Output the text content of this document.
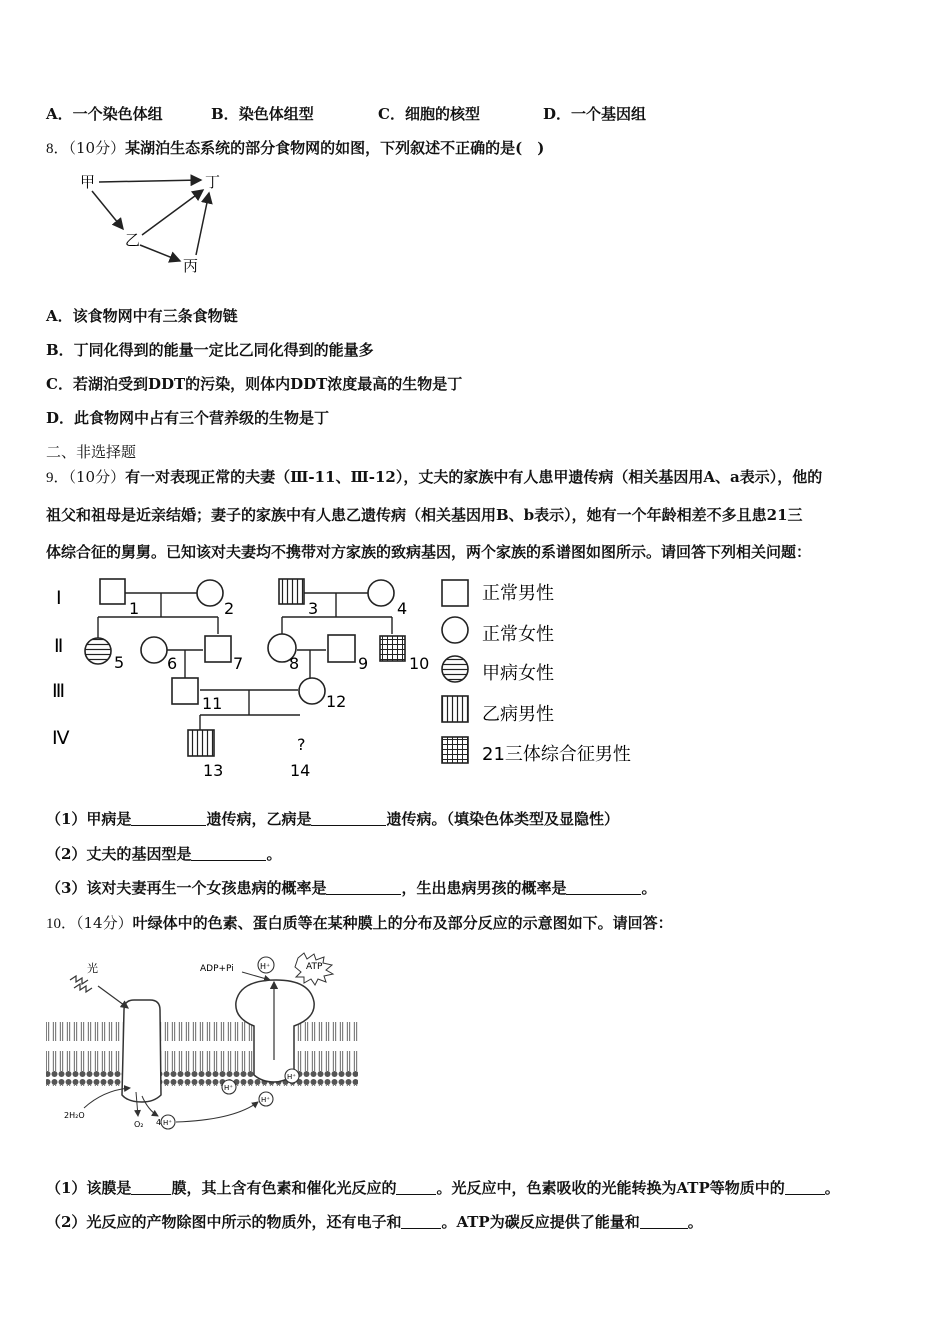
A．一个染色体组	B．染色体组型	C．细胞的核型	D．一个基因组
8．（10分）某湖泊生态系统的部分食物网的如图，下列叙述不正确的是(　)
甲	丁
乙
丙
A．该食物网中有三条食物链
B．丁同化得到的能量一定比乙同化得到的能量多
C．若湖泊受到DDT的污染，则体内DDT浓度最高的生物是丁
D．此食物网中占有三个营养级的生物是丁
二、非选择题
9．（10分）有一对表现正常的夫妻（Ⅲ-11、Ⅲ-12），丈夫的家族中有人患甲遗传病（相关基因用A、a表示），他的
祖父和祖母是近亲结婚；妻子的家族中有人患乙遗传病（相关基因用B、b表示），她有一个年龄相差不多且患21三
体综合征的舅舅。已知该对夫妻均不携带对方家族的致病基因，两个家族的系谱图如图所示。请回答下列相关问题：
Ⅰ
Ⅱ
Ⅲ
Ⅳ
1	2	3	4
5	6	7	8	9	10
11	12
13	14
?
正常男性
正常女性
甲病女性
乙病男性
21三体综合征男性
（1）甲病是	遗传病，乙病是	遗传病。（填染色体类型及显隐性）
（2）丈夫的基因型是	。
（3）该对夫妻再生一个女孩患病的概率是	，生出患病男孩的概率是	。
10．（14分）叶绿体中的色素、蛋白质等在某种膜上的分布及部分反应的示意图如下。请回答：
光	ADP+Pi	H⁺	ATP
H⁺
H⁺
H⁺
H⁺
4
2H₂O
O₂
（1）该膜是	膜，其上含有色素和催化光反应的	。光反应中，色素吸收的光能转换为ATP等物质中的	。
（2）光反应的产物除图中所示的物质外，还有电子和	。ATP为碳反应提供了能量和	。
